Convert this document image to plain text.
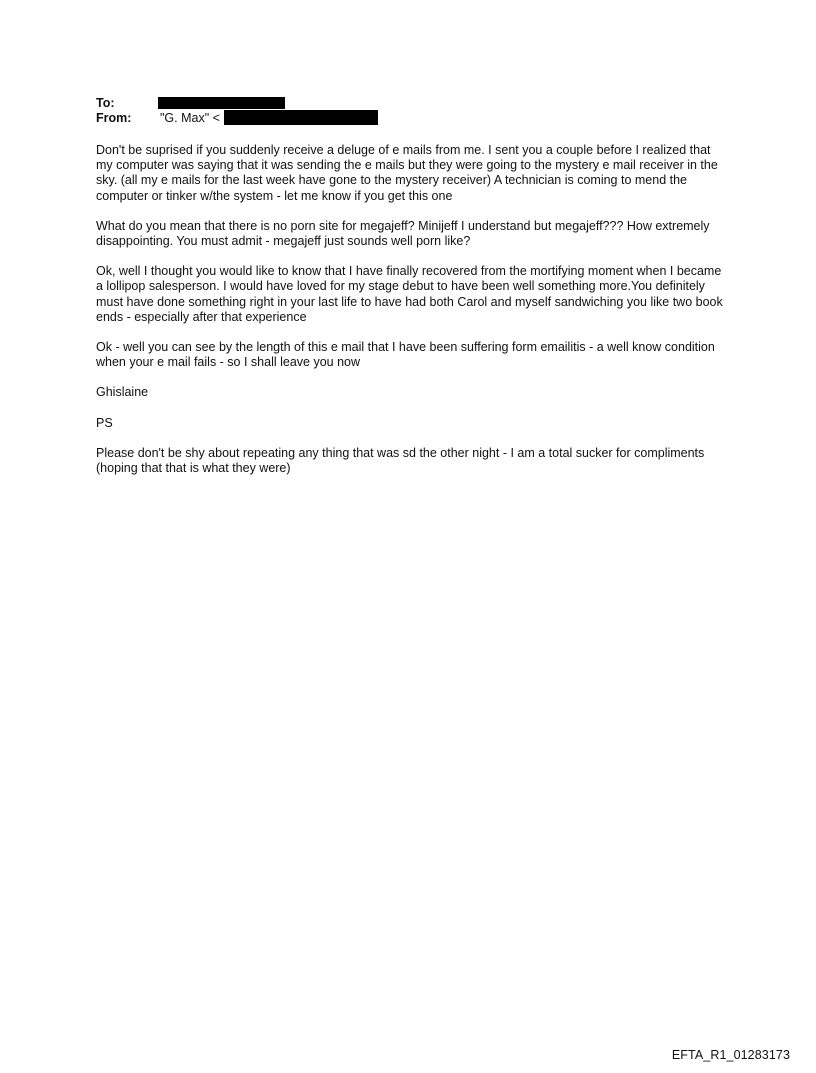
To:
From: "G. Max" <

Don't be suprised if you suddenly receive a deluge of e mails from me. I sent you a couple before I realized that my computer was saying that it was sending the e mails but they were going to the mystery e mail receiver in the sky. (all my e mails for the last week have gone to the mystery receiver) A technician is coming to mend the computer or tinker w/the system - let me know if you get this one

What do you mean that there is no porn site for megajeff? Minijeff I understand but megajeff??? How extremely disappointing. You must admit - megajeff just sounds well porn like?

Ok, well I thought you would like to know that I have finally recovered from the mortifying moment when I became a lollipop salesperson. I would have loved for my stage debut to have been well something more.You definitely must have done something right in your last life to have had both Carol and myself sandwiching you like two book ends - especially after that experience

Ok - well you can see by the length of this e mail that I have been suffering form emailitis - a well know condition when your e mail fails - so I shall leave you now

Ghislaine

PS

Please don't be shy about repeating any thing that was sd the other night - I am a total sucker for compliments (hoping that that is what they were)

EFTA_R1_01283173
